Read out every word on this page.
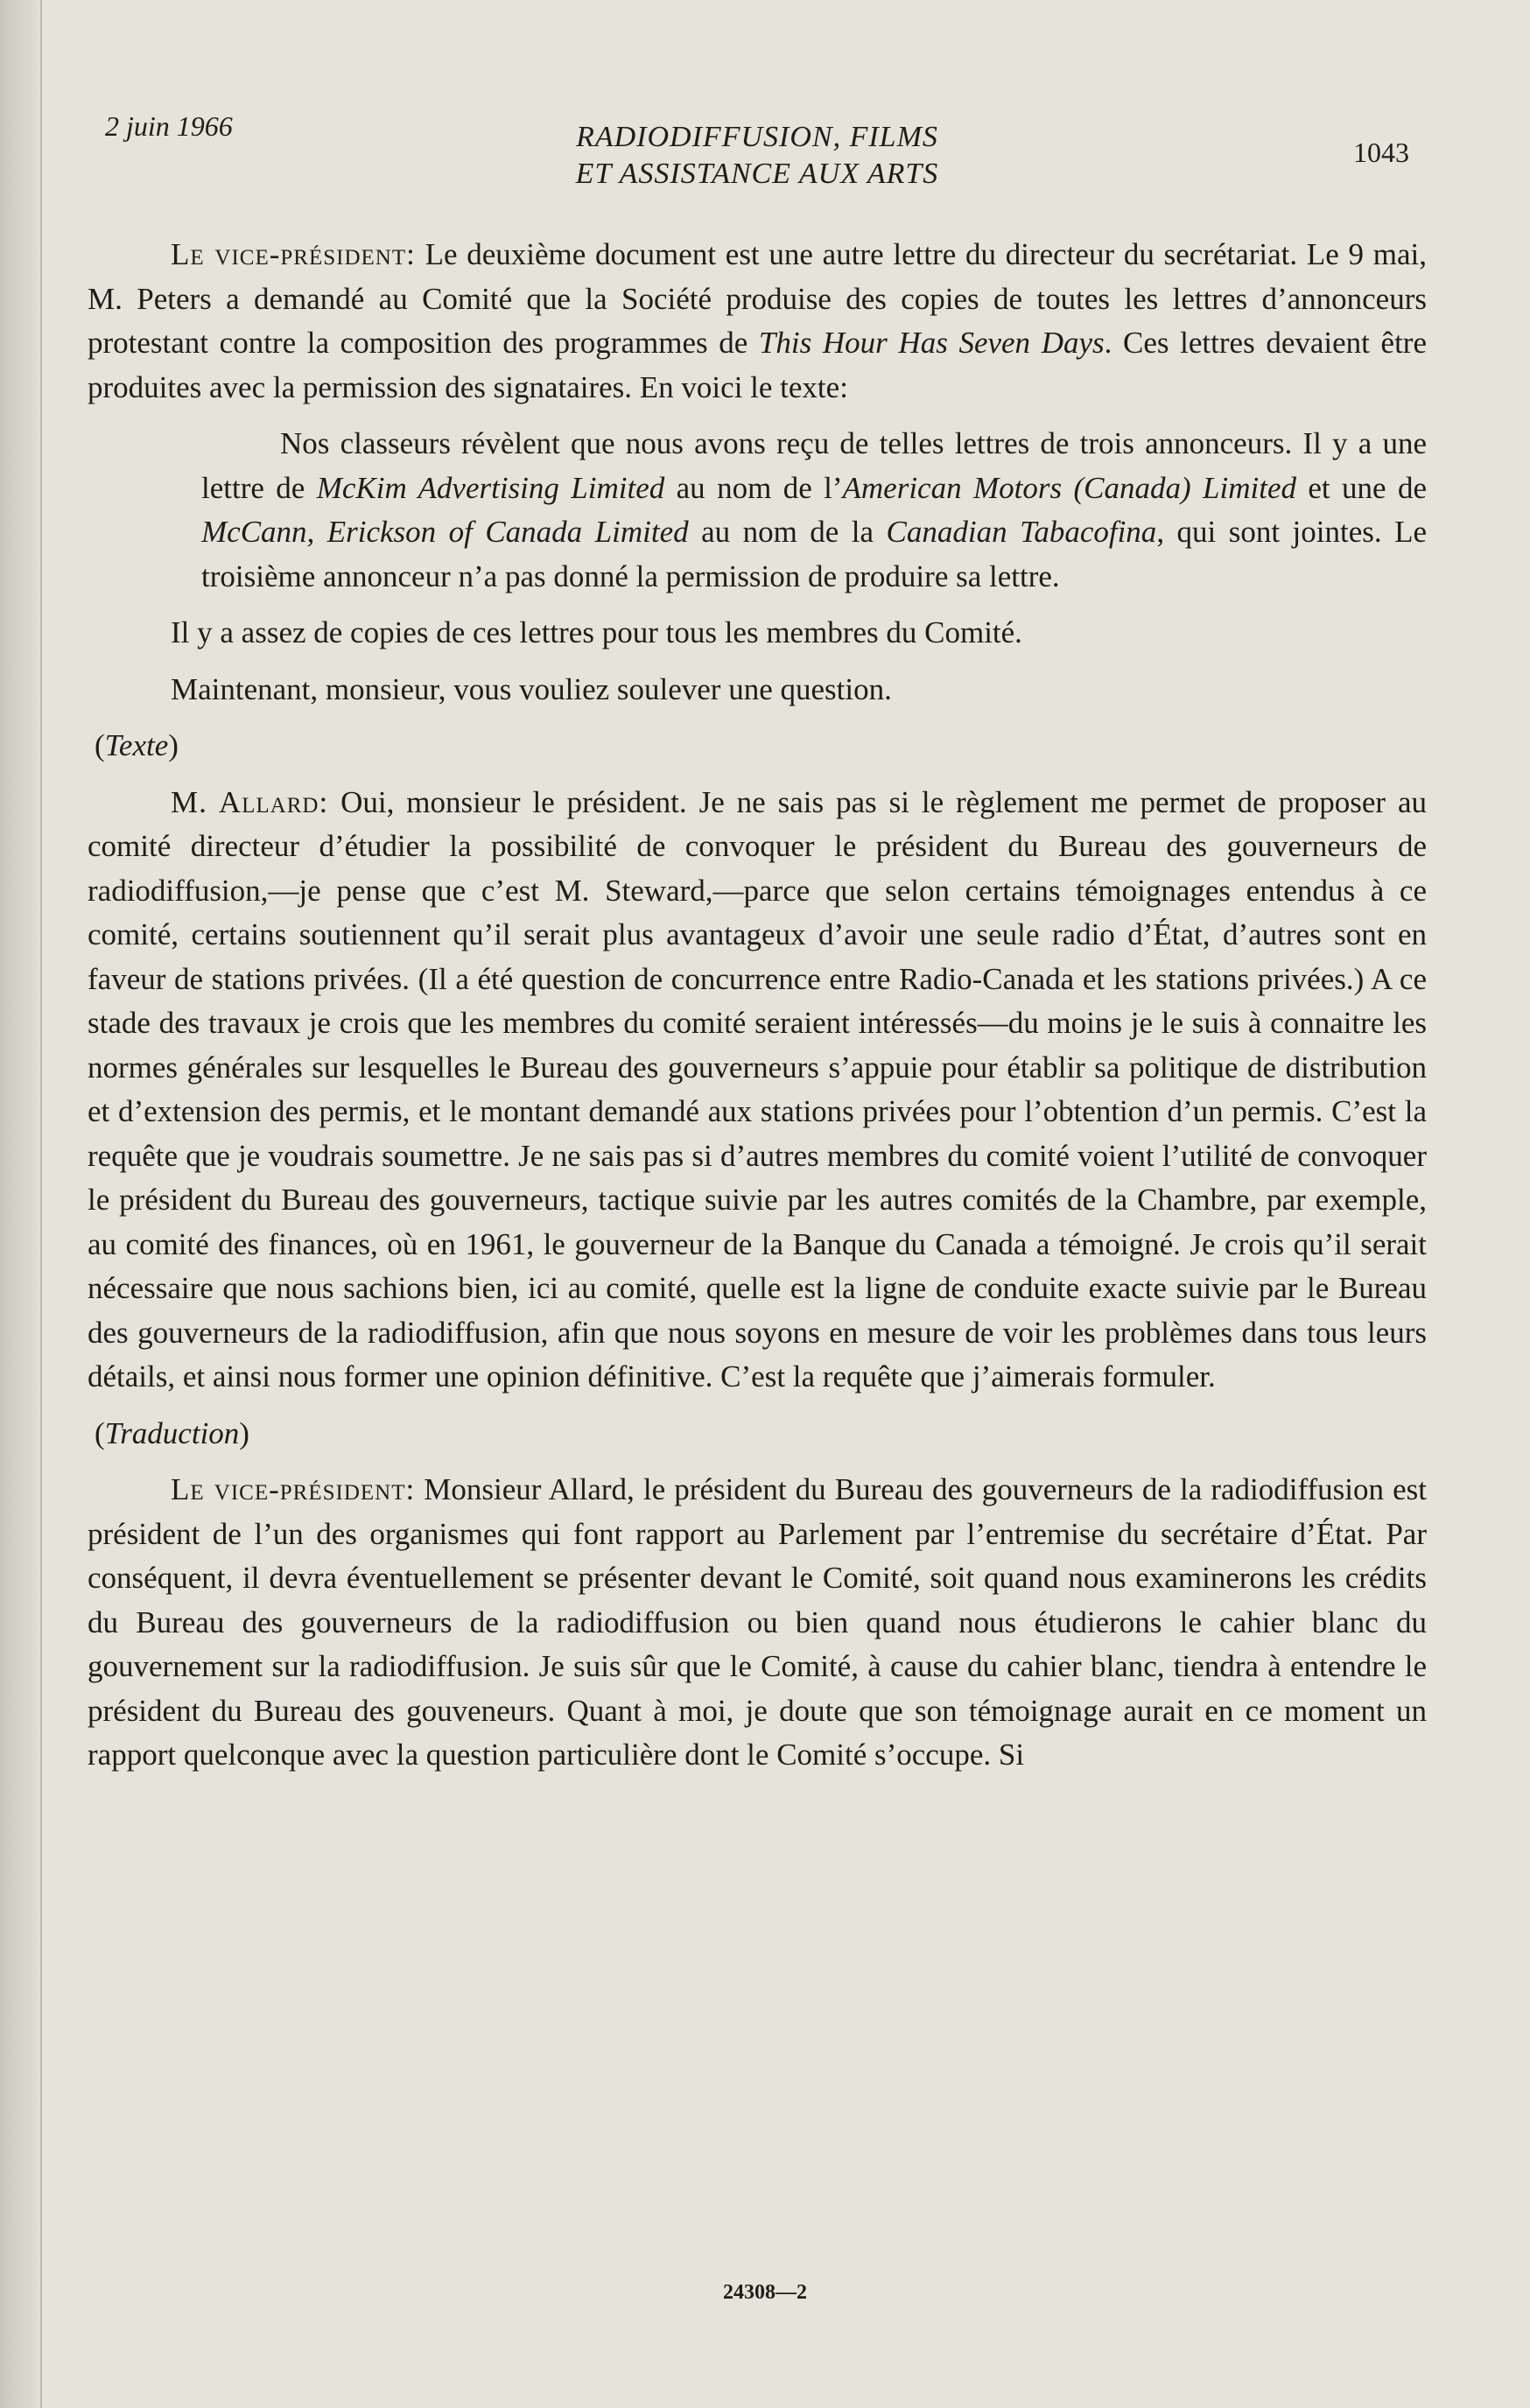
2 juin 1966	RADIODIFFUSION, FILMS
ET ASSISTANCE AUX ARTS
1043

Le vice-président: Le deuxième document est une autre lettre du directeur du secrétariat. Le 9 mai, M. Peters a demandé au Comité que la Société produise des copies de toutes les lettres d’annonceurs protestant contre la composition des programmes de This Hour Has Seven Days. Ces lettres devaient être produites avec la permission des signataires. En voici le texte:

Nos classeurs révèlent que nous avons reçu de telles lettres de trois annonceurs. Il y a une lettre de McKim Advertising Limited au nom de l’American Motors (Canada) Limited et une de McCann, Erickson of Canada Limited au nom de la Canadian Tabacofina, qui sont jointes. Le troisième annonceur n’a pas donné la permission de produire sa lettre.

Il y a assez de copies de ces lettres pour tous les membres du Comité.

Maintenant, monsieur, vous vouliez soulever une question.

(Texte)

M. Allard: Oui, monsieur le président. Je ne sais pas si le règlement me permet de proposer au comité directeur d’étudier la possibilité de convoquer le président du Bureau des gouverneurs de radiodiffusion,—je pense que c’est M. Steward,—parce que selon certains témoignages entendus à ce comité, certains soutiennent qu’il serait plus avantageux d’avoir une seule radio d’État, d’autres sont en faveur de stations privées. (Il a été question de concurrence entre Radio-Canada et les stations privées.) A ce stade des travaux je crois que les membres du comité seraient intéressés—du moins je le suis à connaitre les normes générales sur lesquelles le Bureau des gouverneurs s’appuie pour établir sa politique de distribution et d’extension des permis, et le montant demandé aux stations privées pour l’obtention d’un permis. C’est la requête que je voudrais soumettre. Je ne sais pas si d’autres membres du comité voient l’utilité de convoquer le président du Bureau des gouverneurs, tactique suivie par les autres comités de la Chambre, par exemple, au comité des finances, où en 1961, le gouverneur de la Banque du Canada a témoigné. Je crois qu’il serait nécessaire que nous sachions bien, ici au comité, quelle est la ligne de conduite exacte suivie par le Bureau des gouverneurs de la radiodiffusion, afin que nous soyons en mesure de voir les problèmes dans tous leurs détails, et ainsi nous former une opinion définitive. C’est la requête que j’aimerais formuler.

(Traduction)

Le vice-président: Monsieur Allard, le président du Bureau des gouverneurs de la radiodiffusion est président de l’un des organismes qui font rapport au Parlement par l’entremise du secrétaire d’État. Par conséquent, il devra éventuellement se présenter devant le Comité, soit quand nous examinerons les crédits du Bureau des gouverneurs de la radiodiffusion ou bien quand nous étudierons le cahier blanc du gouvernement sur la radiodiffusion. Je suis sûr que le Comité, à cause du cahier blanc, tiendra à entendre le président du Bureau des gouveneurs. Quant à moi, je doute que son témoignage aurait en ce moment un rapport quelconque avec la question particulière dont le Comité s’occupe. Si

24308—2
